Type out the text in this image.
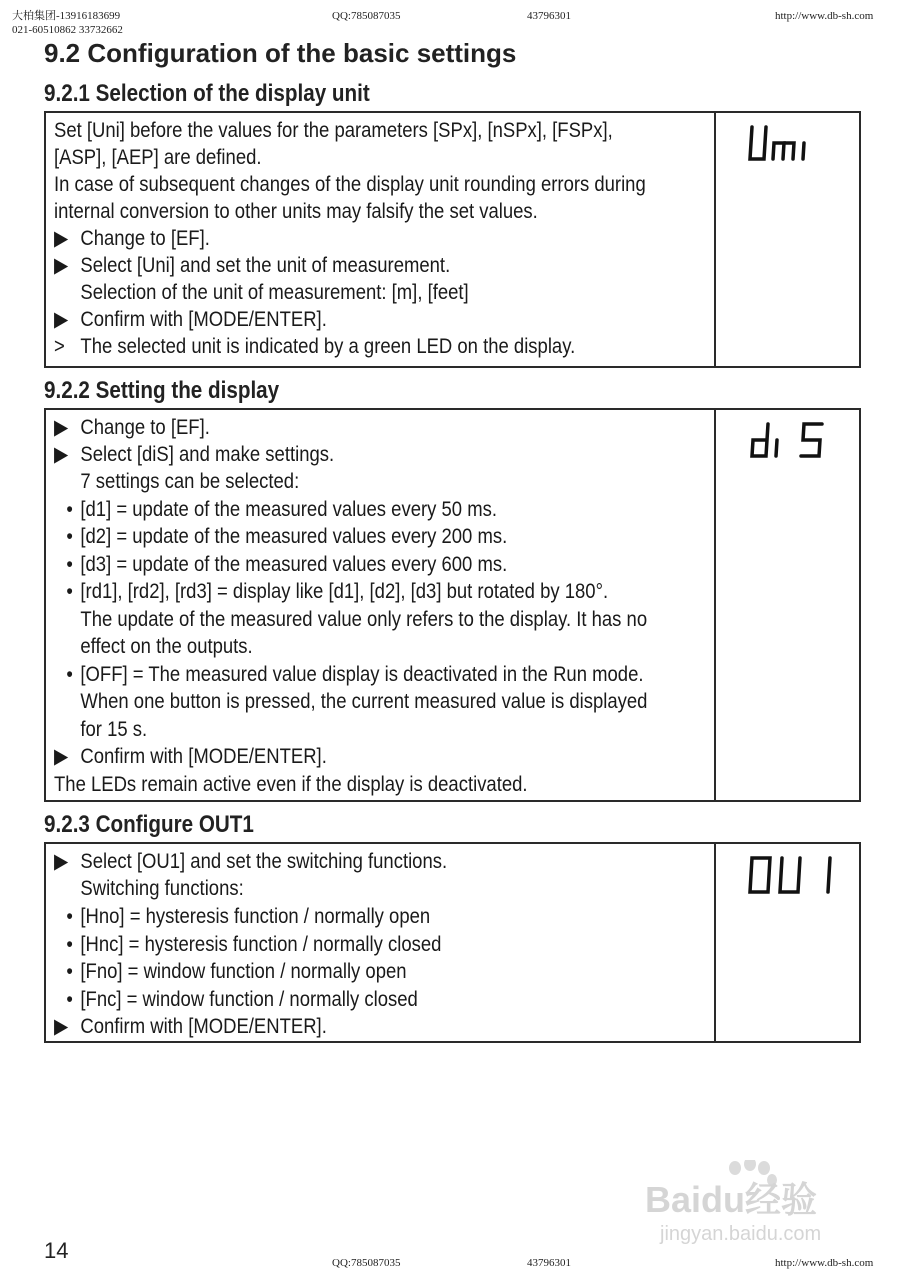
大柏集团-13916183699
021-60510862 33732662
QQ:785087035	43796301	http://www.db-sh.com
9.2 Configuration of the basic settings
9.2.1 Selection of the display unit
Set [Uni] before the values for the parameters [SPx], [nSPx], [FSPx],
[ASP], [AEP] are defined.
In case of subsequent changes of the display unit rounding errors during
internal conversion to other units may falsify the set values.
▶ Change to [EF].
▶ Select [Uni] and set the unit of measurement.
Selection of the unit of measurement: [m], [feet]
▶ Confirm with [MODE/ENTER].
> The selected unit is indicated by a green LED on the display.
9.2.2 Setting the display
▶ Change to [EF].
▶ Select [diS] and make settings.
7 settings can be selected:
• [d1] = update of the measured values every 50 ms.
• [d2] = update of the measured values every 200 ms.
• [d3] = update of the measured values every 600 ms.
• [rd1], [rd2], [rd3] = display like [d1], [d2], [d3] but rotated by 180°.
The update of the measured value only refers to the display. It has no
effect on the outputs.
• [OFF] = The measured value display is deactivated in the Run mode.
When one button is pressed, the current measured value is displayed
for 15 s.
▶ Confirm with [MODE/ENTER].
The LEDs remain active even if the display is deactivated.
9.2.3 Configure OUT1
▶ Select [OU1] and set the switching functions.
Switching functions:
• [Hno] = hysteresis function / normally open
• [Hnc] = hysteresis function / normally closed
• [Fno] = window function / normally open
• [Fnc] = window function / normally closed
▶ Confirm with [MODE/ENTER].
Baidu经验
jingyan.baidu.com
14	QQ:785087035	43796301	http://www.db-sh.com
